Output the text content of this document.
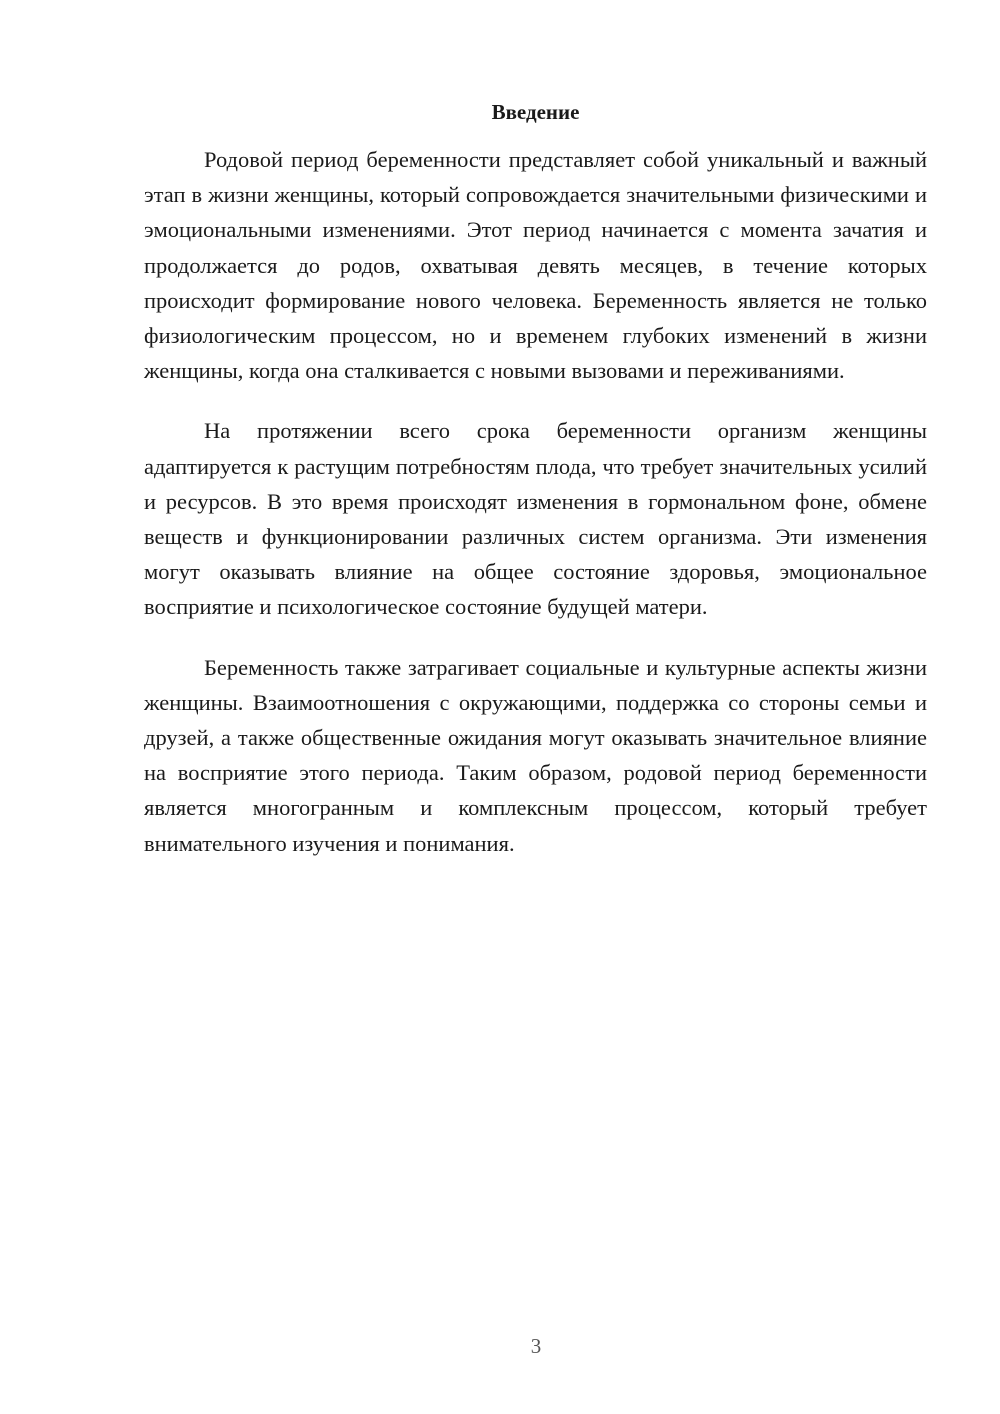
Введение

Родовой период беременности представляет собой уникальный и важный этап в жизни женщины, который сопровождается значительными физическими и эмоциональными изменениями. Этот период начинается с момента зачатия и продолжается до родов, охватывая девять месяцев, в течение которых происходит формирование нового человека. Беременность является не только физиологическим процессом, но и временем глубоких изменений в жизни женщины, когда она сталкивается с новыми вызовами и переживаниями.

На протяжении всего срока беременности организм женщины адаптируется к растущим потребностям плода, что требует значительных усилий и ресурсов. В это время происходят изменения в гормональном фоне, обмене веществ и функционировании различных систем организма. Эти изменения могут оказывать влияние на общее состояние здоровья, эмоциональное восприятие и психологическое состояние будущей матери.

Беременность также затрагивает социальные и культурные аспекты жизни женщины. Взаимоотношения с окружающими, поддержка со стороны семьи и друзей, а также общественные ожидания могут оказывать значительное влияние на восприятие этого периода. Таким образом, родовой период беременности является многогранным и комплексным процессом, который требует внимательного изучения и понимания.

3
